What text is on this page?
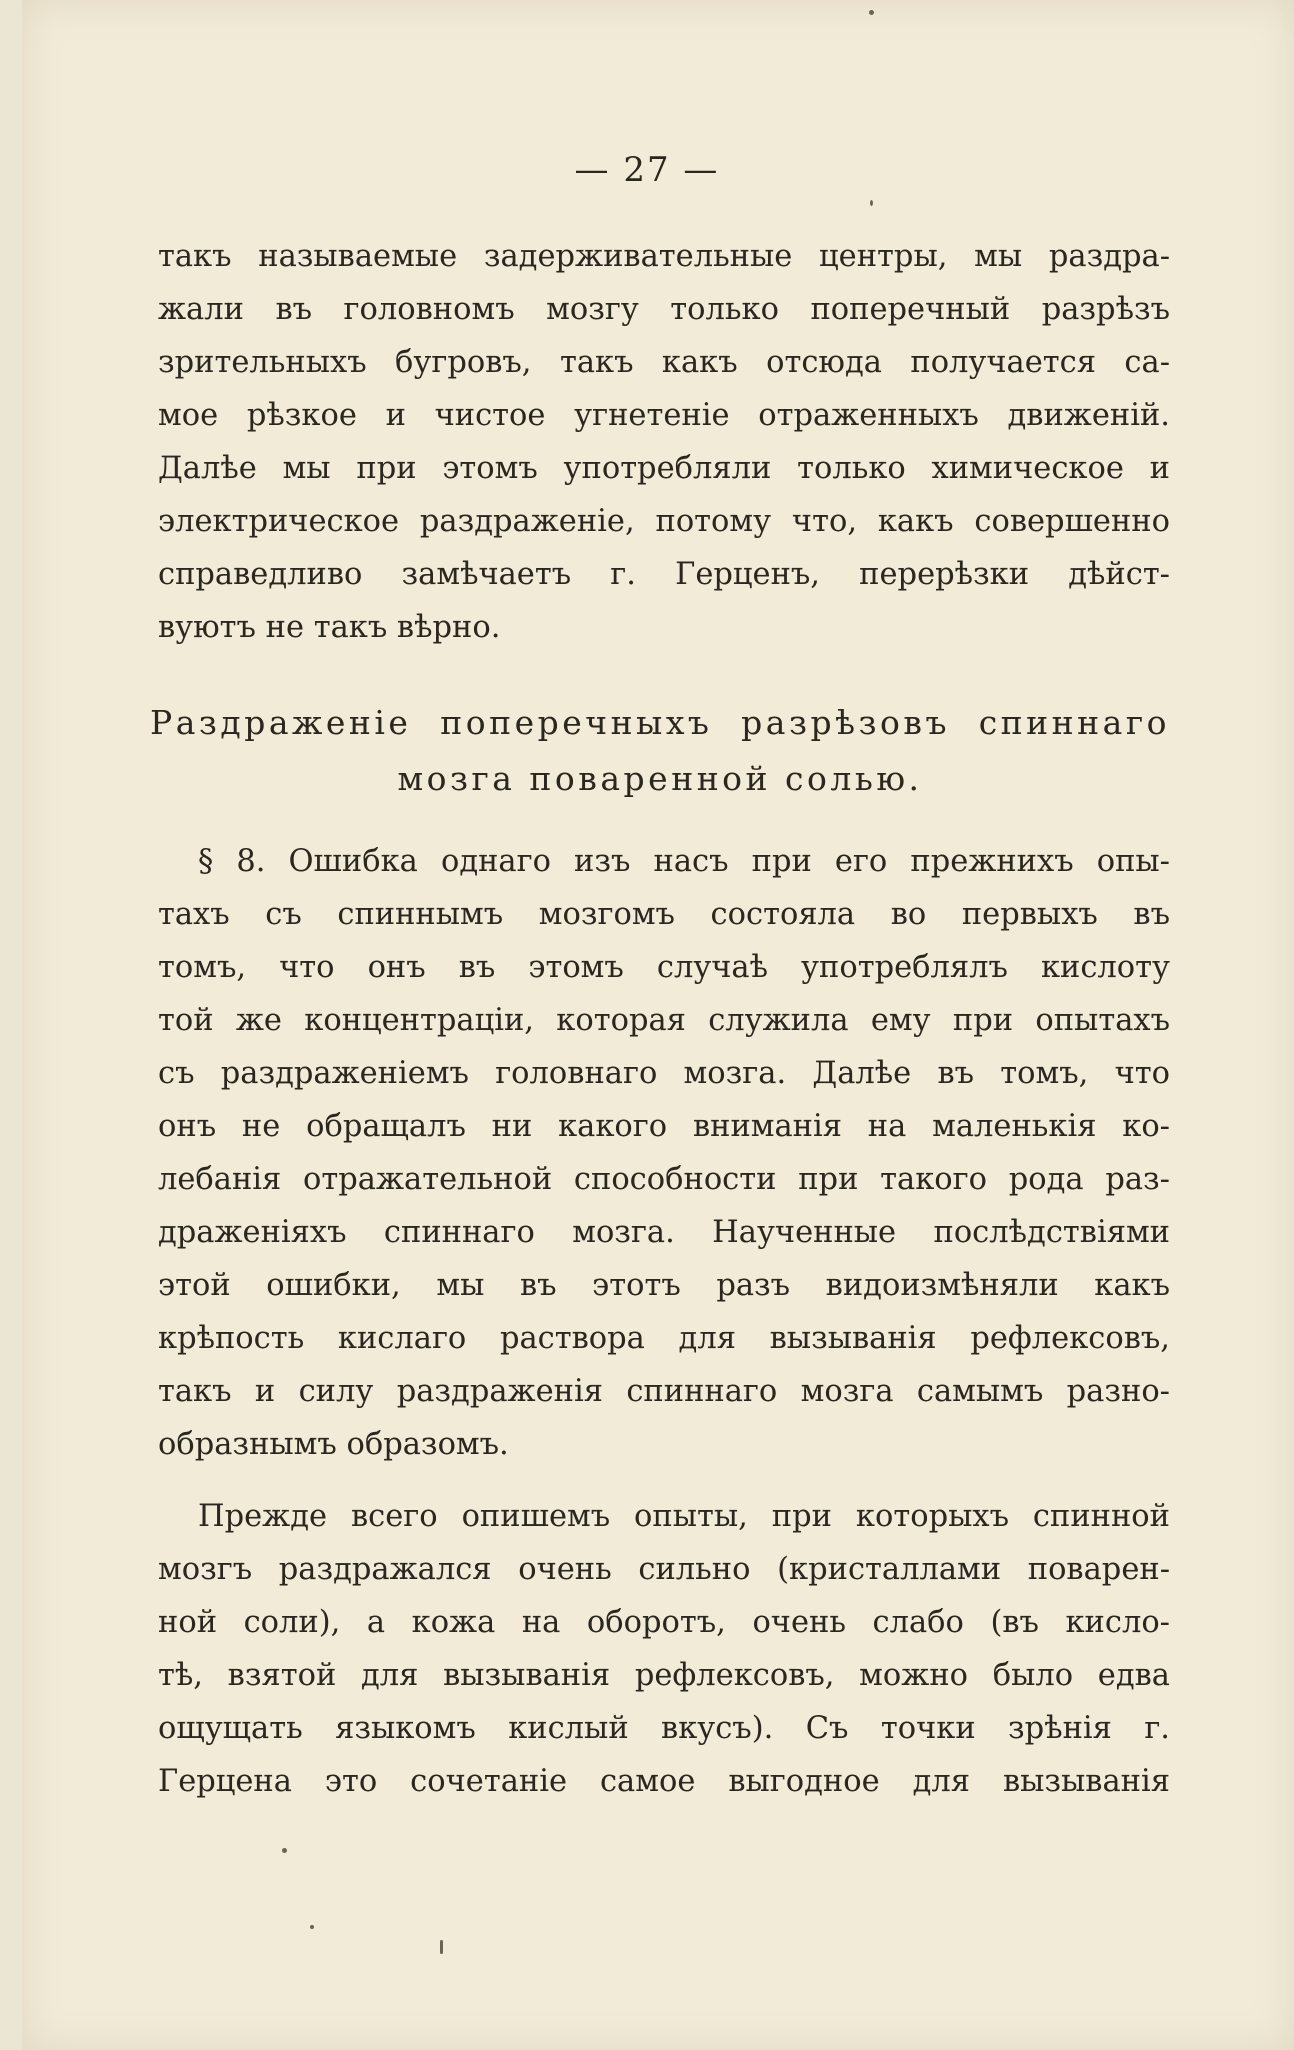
— 27 —
такъ называемые задерживательные центры, мы раздра-
жали въ головномъ мозгу только поперечный разрѣзъ
зрительныхъ бугровъ, такъ какъ отсюда получается са-
мое рѣзкое и чистое угнетеніе отраженныхъ движеній.
Далѣе мы при этомъ употребляли только химическое и
электрическое раздраженіе, потому что, какъ совершенно
справедливо замѣчаетъ г. Герценъ, перерѣзки дѣйст-
вуютъ не такъ вѣрно.
Раздраженіе поперечныхъ разрѣзовъ спиннаго
мозга поваренной солью.
§ 8. Ошибка однаго изъ насъ при его прежнихъ опы-
тахъ съ спиннымъ мозгомъ состояла во первыхъ въ
томъ, что онъ въ этомъ случаѣ употреблялъ кислоту
той же концентраціи, которая служила ему при опытахъ
съ раздраженіемъ головнаго мозга. Далѣе въ томъ, что
онъ не обращалъ ни какого вниманія на маленькія ко-
лебанія отражательной способности при такого рода раз-
драженіяхъ спиннаго мозга. Наученные послѣдствіями
этой ошибки, мы въ этотъ разъ видоизмѣняли какъ
крѣпость кислаго раствора для вызыванія рефлексовъ,
такъ и силу раздраженія спиннаго мозга самымъ разно-
образнымъ образомъ.
Прежде всего опишемъ опыты, при которыхъ спинной
мозгъ раздражался очень сильно (кристаллами поварен-
ной соли), а кожа на оборотъ, очень слабо (въ кисло-
тѣ, взятой для вызыванія рефлексовъ, можно было едва
ощущать языкомъ кислый вкусъ). Съ точки зрѣнія г.
Герцена это сочетаніе самое выгодное для вызыванія
